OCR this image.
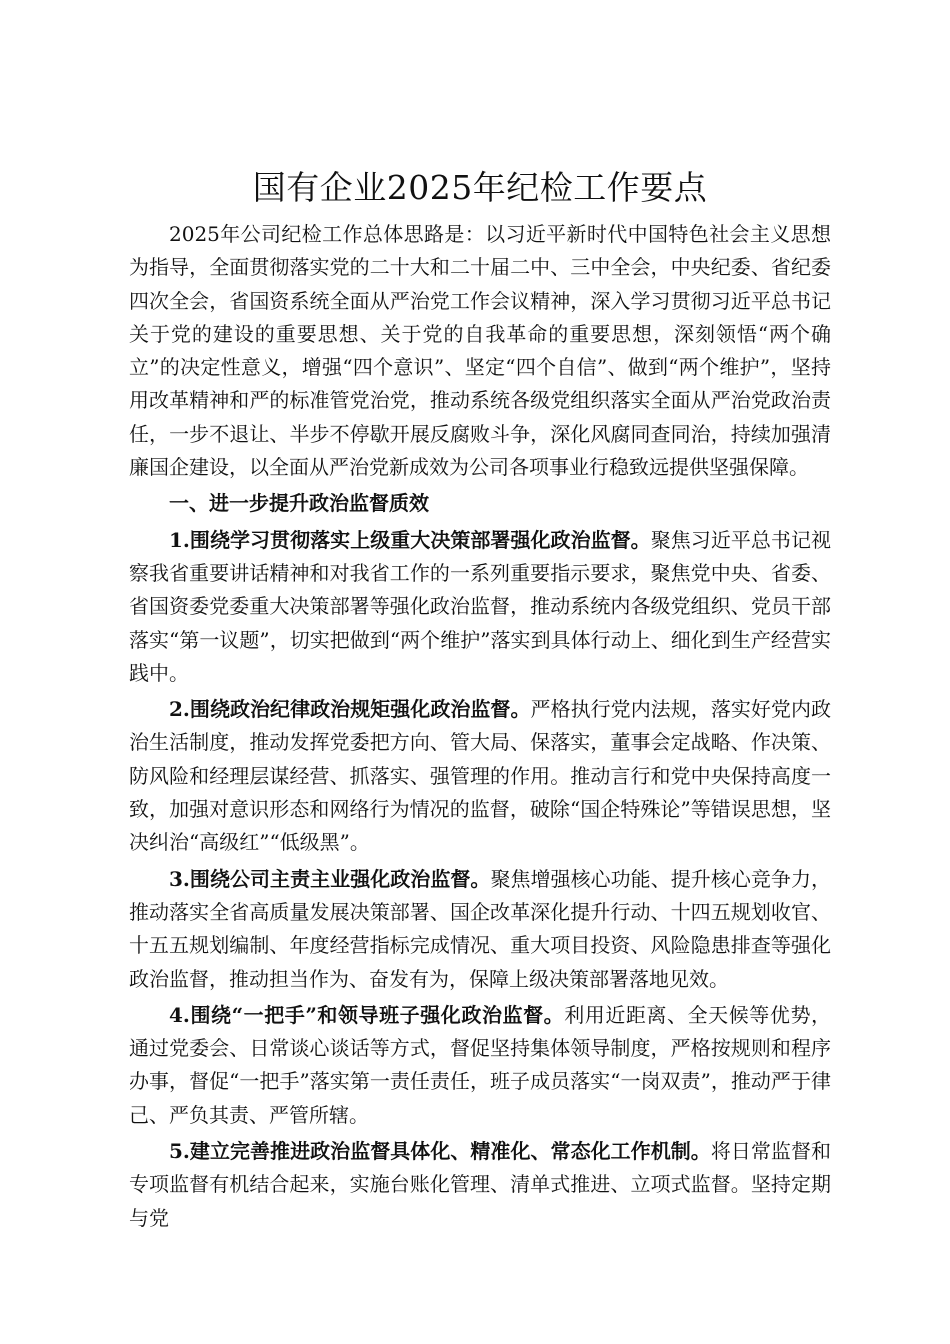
国有企业2025年纪检工作要点

2025年公司纪检工作总体思路是：以习近平新时代中国特色社会主义思想为指导，全面贯彻落实党的二十大和二十届二中、三中全会，中央纪委、省纪委四次全会，省国资系统全面从严治党工作会议精神，深入学习贯彻习近平总书记关于党的建设的重要思想、关于党的自我革命的重要思想，深刻领悟“两个确立”的决定性意义，增强“四个意识”、坚定“四个自信”、做到“两个维护”，坚持用改革精神和严的标准管党治党，推动系统各级党组织落实全面从严治党政治责任，一步不退让、半步不停歇开展反腐败斗争，深化风腐同查同治，持续加强清廉国企建设，以全面从严治党新成效为公司各项事业行稳致远提供坚强保障。

一、进一步提升政治监督质效

1.围绕学习贯彻落实上级重大决策部署强化政治监督。聚焦习近平总书记视察我省重要讲话精神和对我省工作的一系列重要指示要求，聚焦党中央、省委、省国资委党委重大决策部署等强化政治监督，推动系统内各级党组织、党员干部落实“第一议题”，切实把做到“两个维护”落实到具体行动上、细化到生产经营实践中。

2.围绕政治纪律政治规矩强化政治监督。严格执行党内法规，落实好党内政治生活制度，推动发挥党委把方向、管大局、保落实，董事会定战略、作决策、防风险和经理层谋经营、抓落实、强管理的作用。推动言行和党中央保持高度一致，加强对意识形态和网络行为情况的监督，破除“国企特殊论”等错误思想，坚决纠治“高级红”“低级黑”。

3.围绕公司主责主业强化政治监督。聚焦增强核心功能、提升核心竞争力，推动落实全省高质量发展决策部署、国企改革深化提升行动、十四五规划收官、十五五规划编制、年度经营指标完成情况、重大项目投资、风险隐患排查等强化政治监督，推动担当作为、奋发有为，保障上级决策部署落地见效。

4.围绕“一把手”和领导班子强化政治监督。利用近距离、全天候等优势，通过党委会、日常谈心谈话等方式，督促坚持集体领导制度，严格按规则和程序办事，督促“一把手”落实第一责任责任，班子成员落实“一岗双责”，推动严于律己、严负其责、严管所辖。

5.建立完善推进政治监督具体化、精准化、常态化工作机制。将日常监督和专项监督有机结合起来，实施台账化管理、清单式推进、立项式监督。坚持定期与党
